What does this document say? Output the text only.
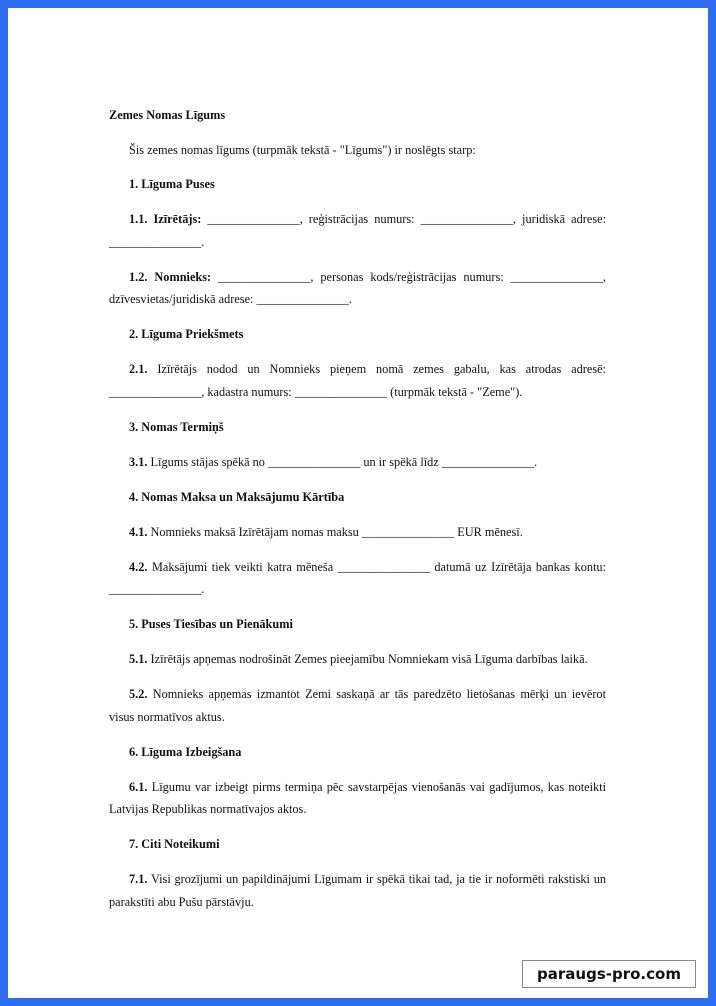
Zemes Nomas Līgums

Šis zemes nomas līgums (turpmāk tekstā - "Līgums") ir noslēgts starp:

1. Līguma Puses

1.1. Izīrētājs: _______________, reģistrācijas numurs: _______________, juridiskā adrese: _______________.

1.2. Nomnieks: _______________, personas kods/reģistrācijas numurs: _______________, dzīvesvietas/juridiskā adrese: _______________.

2. Līguma Priekšmets

2.1. Izīrētājs nodod un Nomnieks pieņem nomā zemes gabalu, kas atrodas adresē: _______________, kadastra numurs: _______________ (turpmāk tekstā - "Zeme").

3. Nomas Termiņš

3.1. Līgums stājas spēkā no _______________ un ir spēkā līdz _______________.

4. Nomas Maksa un Maksājumu Kārtība

4.1. Nomnieks maksā Izīrētājam nomas maksu _______________ EUR mēnesī.

4.2. Maksājumi tiek veikti katra mēneša _______________ datumā uz Izīrētāja bankas kontu: _______________.

5. Puses Tiesības un Pienākumi

5.1. Izīrētājs apņemas nodrošināt Zemes pieejamību Nomniekam visā Līguma darbības laikā.

5.2. Nomnieks apņemas izmantot Zemi saskaņā ar tās paredzēto lietošanas mērķi un ievērot visus normatīvos aktus.

6. Līguma Izbeigšana

6.1. Līgumu var izbeigt pirms termiņa pēc savstarpējas vienošanās vai gadījumos, kas noteikti Latvijas Republikas normatīvajos aktos.

7. Citi Noteikumi

7.1. Visi grozījumi un papildinājumi Līgumam ir spēkā tikai tad, ja tie ir noformēti rakstiski un parakstīti abu Pušu pārstāvju.

paraugs-pro.com
